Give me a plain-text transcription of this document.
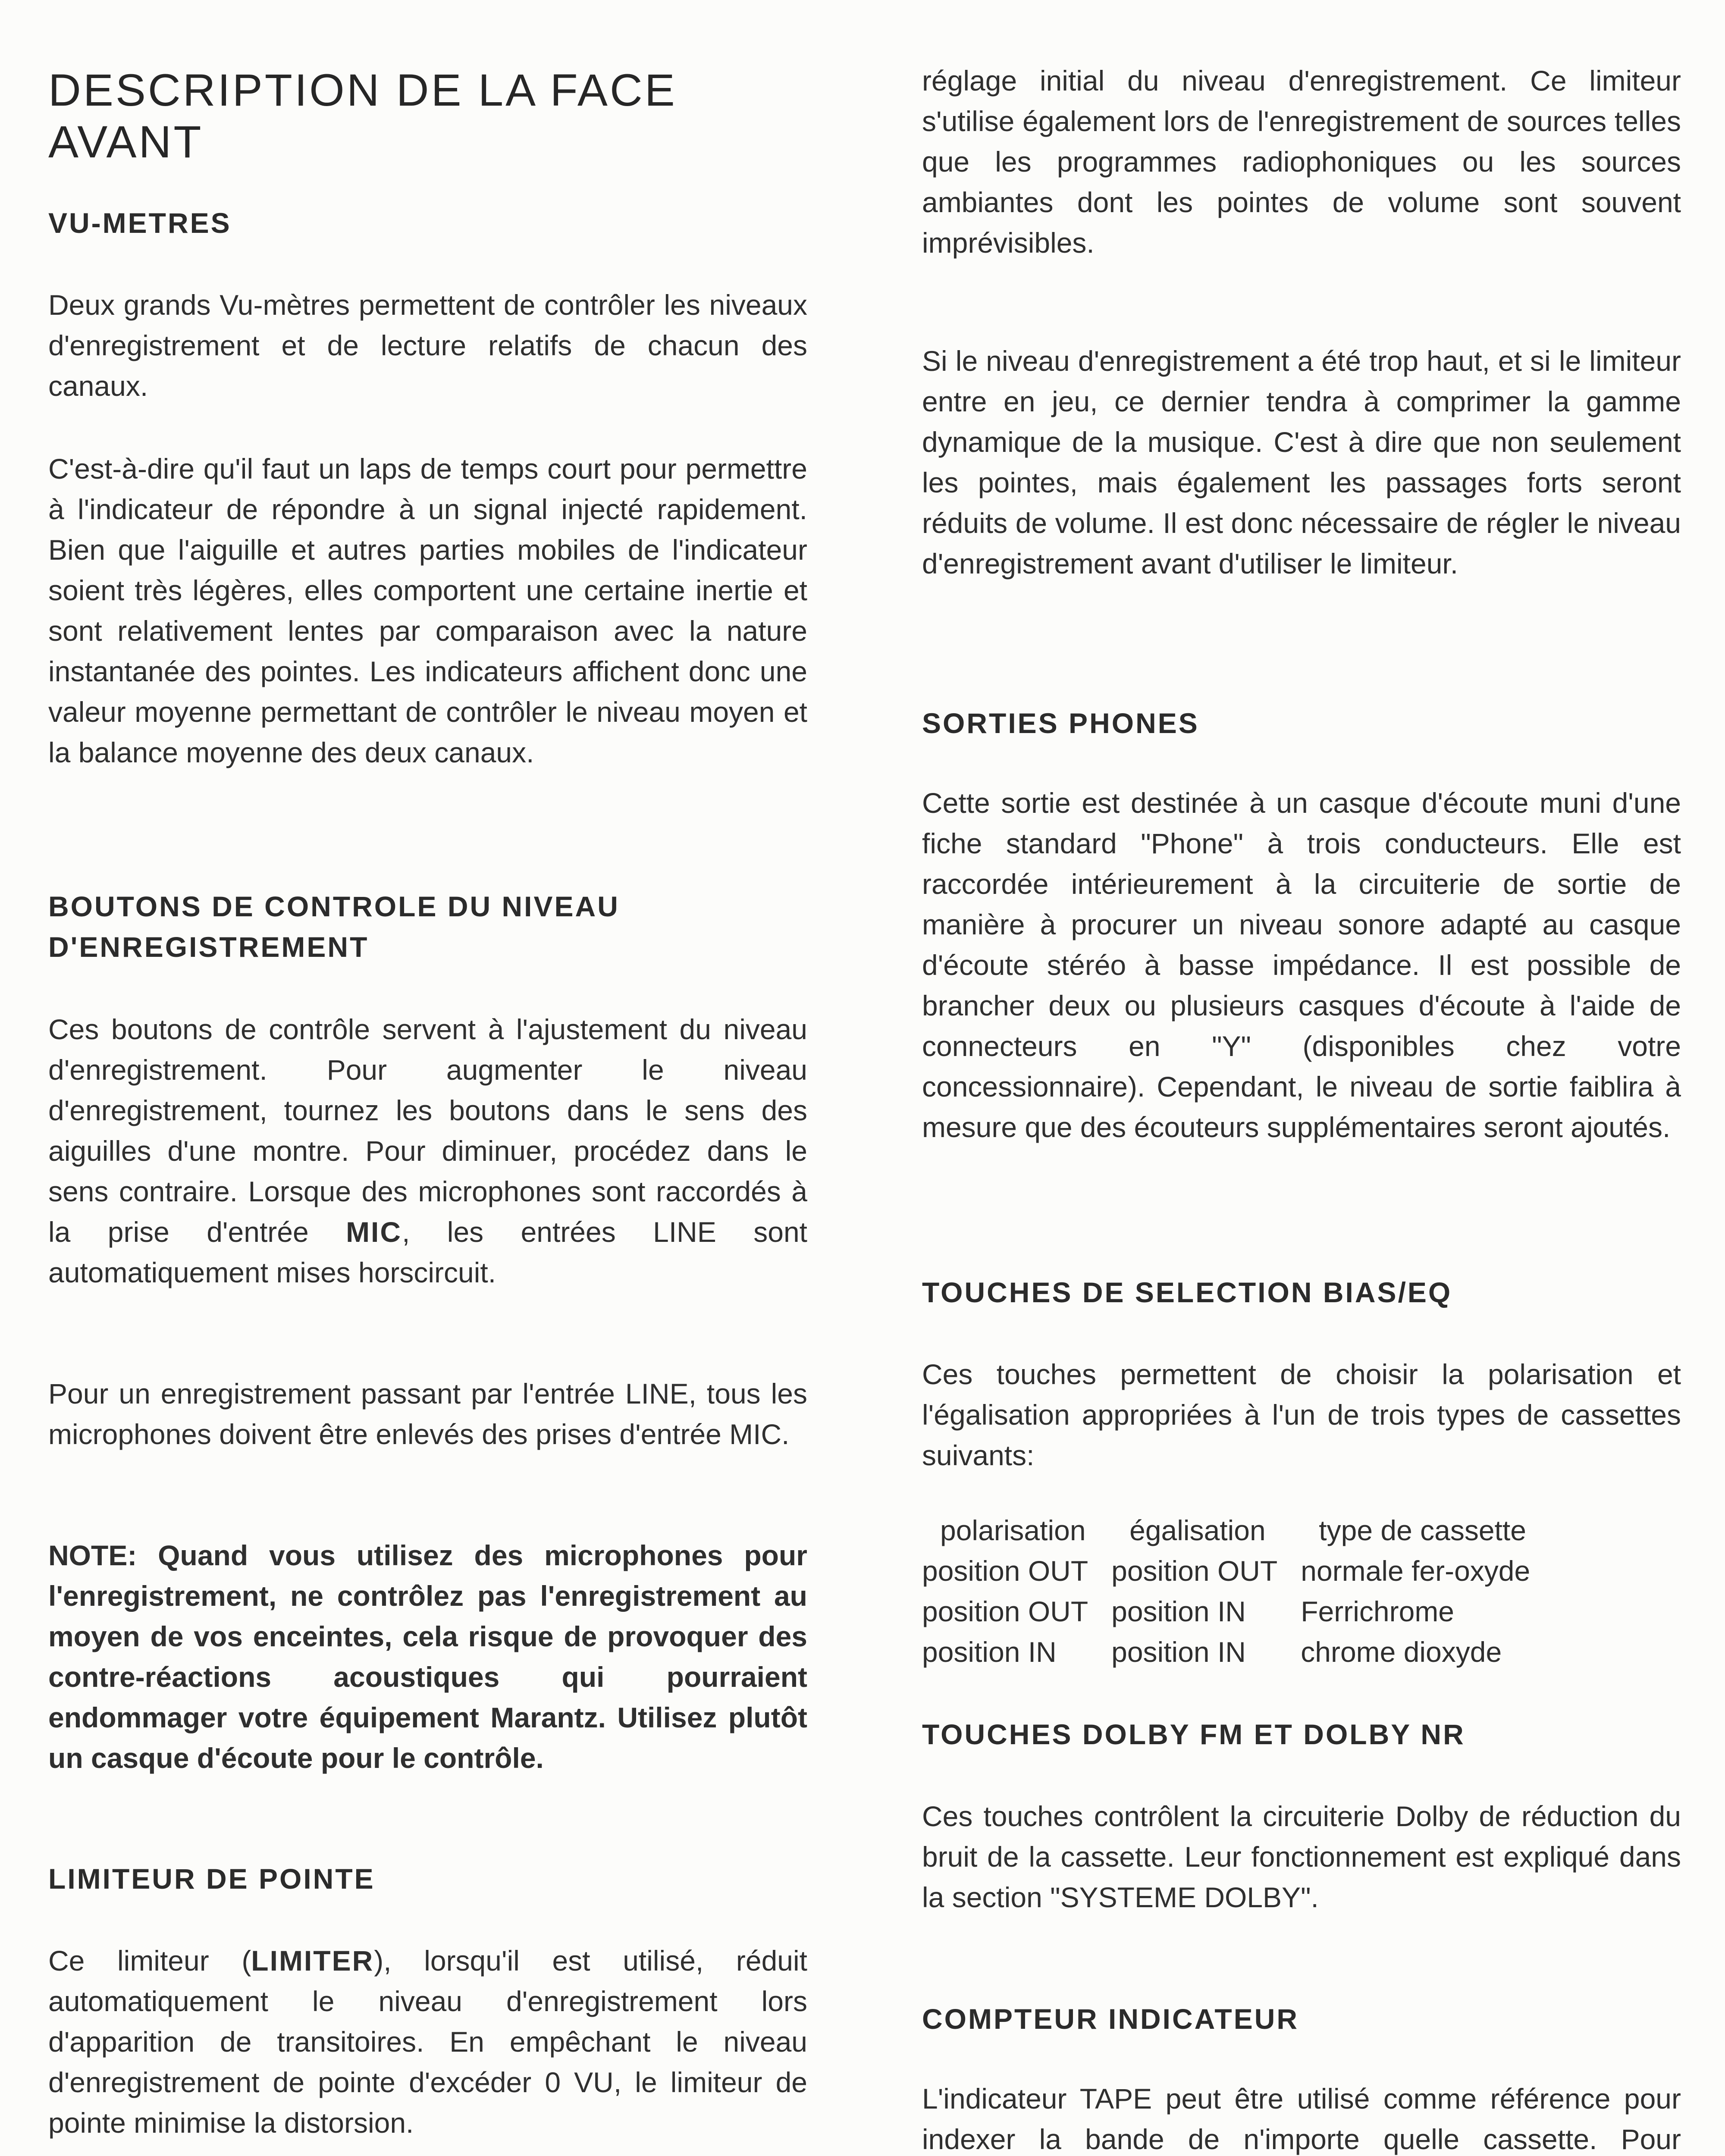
DESCRIPTION DE LA FACE
AVANT
VU-METRES

Deux grands Vu-mètres permettent de contrôler les niveaux d'enregistrement et de lecture relatifs de chacun des canaux.

C'est-à-dire qu'il faut un laps de temps court pour permettre à l'indicateur de répondre à un signal injecté rapidement. Bien que l'aiguille et autres parties mobiles de l'indicateur soient très légères, elles comportent une certaine inertie et sont relativement lentes par comparaison avec la nature instantanée des pointes. Les indicateurs affichent donc une valeur moyenne permettant de contrôler le niveau moyen et la balance moyenne des deux canaux.

BOUTONS DE CONTROLE DU NIVEAU
D'ENREGISTREMENT

Ces boutons de contrôle servent à l'ajustement du niveau d'enregistrement. Pour augmenter le niveau d'enregistrement, tournez les boutons dans le sens des aiguilles d'une montre. Pour diminuer, procédez dans le sens contraire. Lorsque des microphones sont raccordés à la prise d'entrée MIC, les entrées LINE sont automatiquement mises horscircuit.

Pour un enregistrement passant par l'entrée LINE, tous les microphones doivent être enlevés des prises d'entrée MIC.

NOTE: Quand vous utilisez des microphones pour l'enregistrement, ne contrôlez pas l'enregistrement au moyen de vos enceintes, cela risque de provoquer des contre-réactions acoustiques qui pourraient endommager votre équipement Marantz. Utilisez plutôt un casque d'écoute pour le contrôle.

LIMITEUR DE POINTE

Ce limiteur (LIMITER), lorsqu'il est utilisé, réduit automatiquement le niveau d'enregistrement lors d'apparition de transitoires. En empêchant le niveau d'enregistrement de pointe d'excéder 0 VU, le limiteur de pointe minimise la distorsion.

réglage initial du niveau d'enregistrement. Ce limiteur s'utilise également lors de l'enregistrement de sources telles que les programmes radiophoniques ou les sources ambiantes dont les pointes de volume sont souvent imprévisibles.

Si le niveau d'enregistrement a été trop haut, et si le limiteur entre en jeu, ce dernier tendra à comprimer la gamme dynamique de la musique. C'est à dire que non seulement les pointes, mais également les passages forts seront réduits de volume. Il est donc nécessaire de régler le niveau d'enregistrement avant d'utiliser le limiteur.

SORTIES PHONES

Cette sortie est destinée à un casque d'écoute muni d'une fiche standard "Phone" à trois conducteurs. Elle est raccordée intérieurement à la circuiterie de sortie de manière à procurer un niveau sonore adapté au casque d'écoute stéréo à basse impédance. Il est possible de brancher deux ou plusieurs casques d'écoute à l'aide de connecteurs en "Y" (disponibles chez votre concessionnaire). Cependant, le niveau de sortie faiblira à mesure que des écouteurs supplémentaires seront ajoutés.

TOUCHES DE SELECTION BIAS/EQ

Ces touches permettent de choisir la polarisation et l'égalisation appropriées à l'un de trois types de cassettes suivants:

polarisation	égalisation	type de cassette
position OUT	position OUT	normale fer-oxyde
position OUT	position IN	Ferrichrome
position IN	position IN	chrome dioxyde
TOUCHES DOLBY FM ET DOLBY NR

Ces touches contrôlent la circuiterie Dolby de réduction du bruit de la cassette. Leur fonctionnement est expliqué dans la section "SYSTEME DOLBY".

COMPTEUR INDICATEUR

L'indicateur TAPE peut être utilisé comme référence pour indexer la bande de n'importe quelle cassette. Pour
